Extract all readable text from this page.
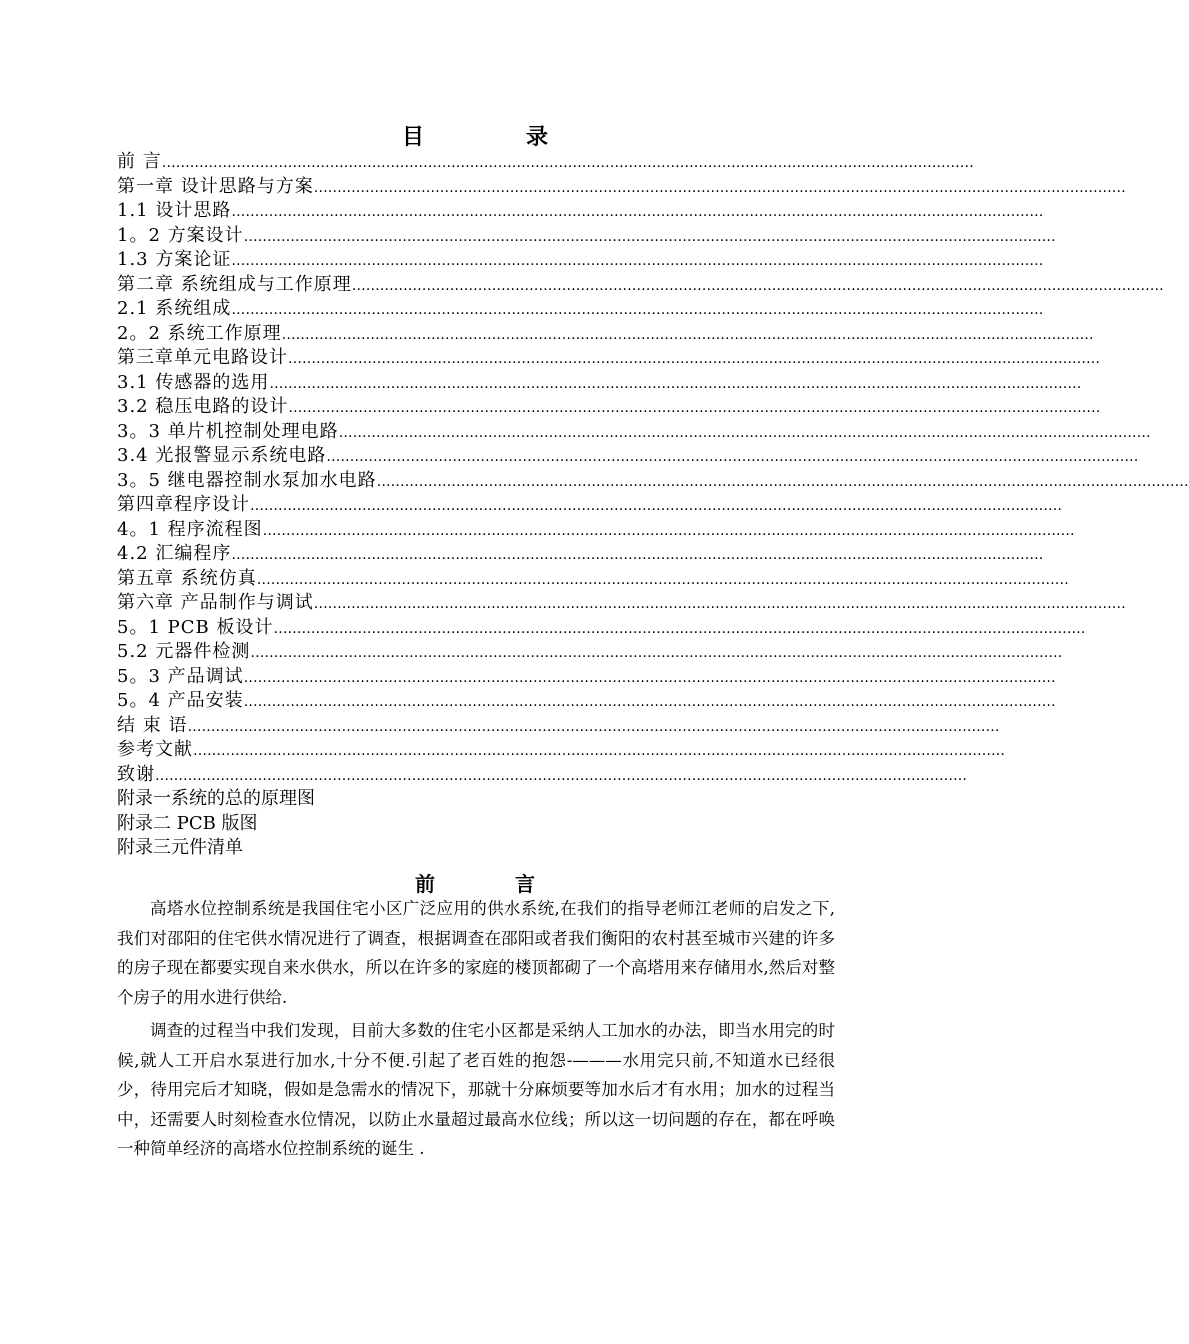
目　录
前 言 …………………………………………………………………………………………………………………………………………………………
第一章 设计思路与方案 …………………………………………………………………………………………………………………………………………………………
1.1 设计思路 …………………………………………………………………………………………………………………………………………………………
1。2 方案设计 …………………………………………………………………………………………………………………………………………………………
1.3 方案论证 …………………………………………………………………………………………………………………………………………………………
第二章 系统组成与工作原理 …………………………………………………………………………………………………………………………………………………………
2.1 系统组成 …………………………………………………………………………………………………………………………………………………………
2。2 系统工作原理 …………………………………………………………………………………………………………………………………………………………
第三章单元电路设计 …………………………………………………………………………………………………………………………………………………………
3.1 传感器的选用 …………………………………………………………………………………………………………………………………………………………
3.2 稳压电路的设计 …………………………………………………………………………………………………………………………………………………………
3。3 单片机控制处理电路 …………………………………………………………………………………………………………………………………………………………
3.4 光报警显示系统电路 …………………………………………………………………………………………………………………………………………………………
3。5 继电器控制水泵加水电路 …………………………………………………………………………………………………………………………………………………………
第四章程序设计 …………………………………………………………………………………………………………………………………………………………
4。1 程序流程图 …………………………………………………………………………………………………………………………………………………………
4.2 汇编程序 …………………………………………………………………………………………………………………………………………………………
第五章 系统仿真 …………………………………………………………………………………………………………………………………………………………
第六章 产品制作与调试 …………………………………………………………………………………………………………………………………………………………
5。1 PCB 板设计 …………………………………………………………………………………………………………………………………………………………
5.2 元器件检测 …………………………………………………………………………………………………………………………………………………………
5。3 产品调试 …………………………………………………………………………………………………………………………………………………………
5。4 产品安装 …………………………………………………………………………………………………………………………………………………………
结 束 语 …………………………………………………………………………………………………………………………………………………………
参考文献 …………………………………………………………………………………………………………………………………………………………
致谢 …………………………………………………………………………………………………………………………………………………………
附录一系统的总的原理图
附录二 PCB 版图
附录三元件清单
前　言

高塔水位控制系统是我国住宅小区广泛应用的供水系统,在我们的指导老师江老师的启发之下,我们对邵阳的住宅供水情况进行了调查，根据调查在邵阳或者我们衡阳的农村甚至城市兴建的许多的房子现在都要实现自来水供水，所以在许多的家庭的楼顶都砌了一个高塔用来存储用水,然后对整个房子的用水进行供给.

调查的过程当中我们发现，目前大多数的住宅小区都是采纳人工加水的办法，即当水用完的时候,就人工开启水泵进行加水,十分不便.引起了老百姓的抱怨-———水用完只前,不知道水已经很少，待用完后才知晓，假如是急需水的情况下，那就十分麻烦要等加水后才有水用；加水的过程当中，还需要人时刻检查水位情况，以防止水量超过最高水位线；所以这一切问题的存在，都在呼唤一种简单经济的高塔水位控制系统的诞生 .
